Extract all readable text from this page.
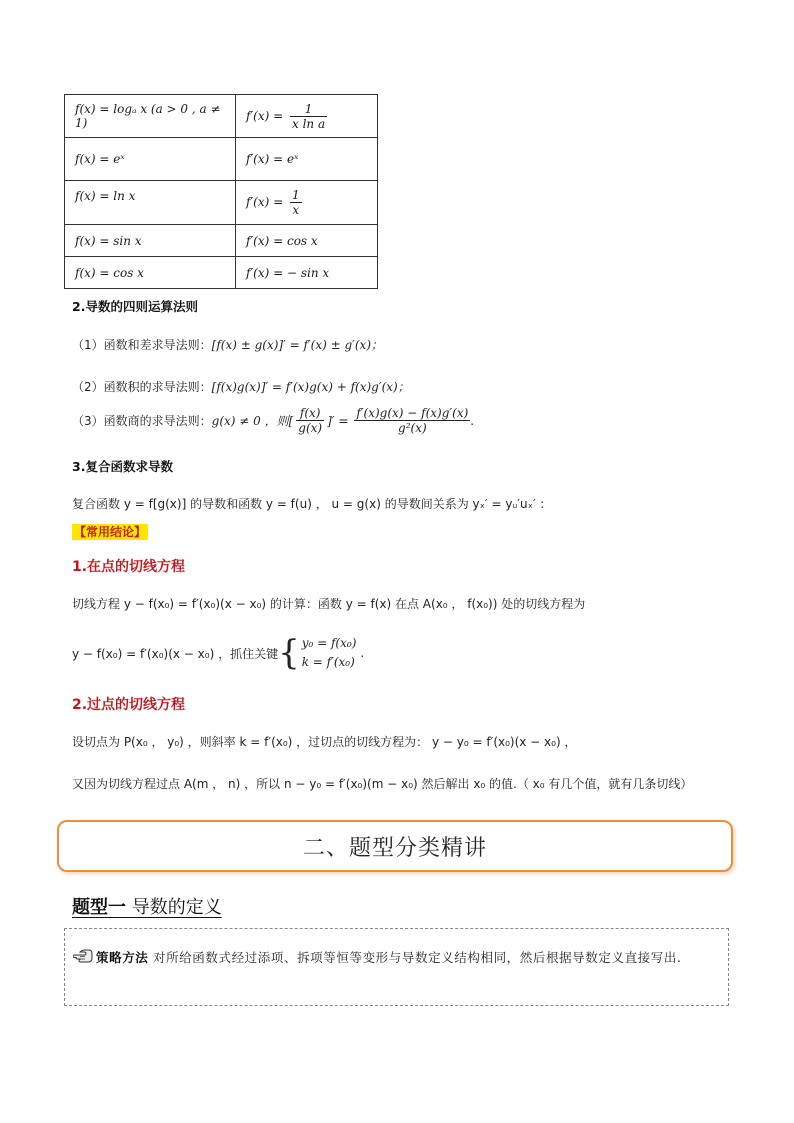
f(x) = logₐ x (a > 0 , a ≠ 1)	$f'(x) = \frac{1}{\text{x ln a}}$

f(x) = eˣ	f′(x) = eˣ
f(x) = ln x	$f'(x) = \frac{1}{x}$

f(x) = sin x	f′(x) = cos x
f(x) = cos x	f′(x) = − sin x
2.导数的四则运算法则
（1）函数和差求导法则：[f(x) ± g(x)]′ = f′(x) ± g′(x)；
（2）函数积的求导法则：[f(x)g(x)]′ = f′(x)g(x) + f(x)g′(x)；
（3）函数商的求导法则： g(x) ≠ 0 ，则[ $\frac{f(x)}{g(x)}$ ]′ = $\frac{f'(x)g(x) - f(x)g'(x)}{\text{g²(x)}}$ .
3.复合函数求导数
复合函数 y = f[g(x)] 的导数和函数 y = f(u) ， u = g(x) 的导数间关系为 yₓ′ = yᵤ′uₓ′ ：
【常用结论】
1.在点的切线方程
切线方程 y − f(x₀) = f′(x₀)(x − x₀) 的计算：函数 y = f(x) 在点 A(x₀ ， f(x₀)) 处的切线方程为
y − f(x₀) = f′(x₀)(x − x₀) ，抓住关键 { y₀ = f(x₀)
k = f′(x₀)
.
2.过点的切线方程
设切点为 P(x₀ ， y₀) ，则斜率 k = f′(x₀) ，过切点的切线方程为： y − y₀ = f′(x₀)(x − x₀) ，
又因为切线方程过点 A(m ， n) ，所以 n − y₀ = f′(x₀)(m − x₀) 然后解出 x₀ 的值.（ x₀ 有几个值，就有几条切线）
二、题型分类精讲
题型一 导数的定义
策略方法 对所给函数式经过添项、拆项等恒等变形与导数定义结构相同，然后根据导数定义直接写出.
